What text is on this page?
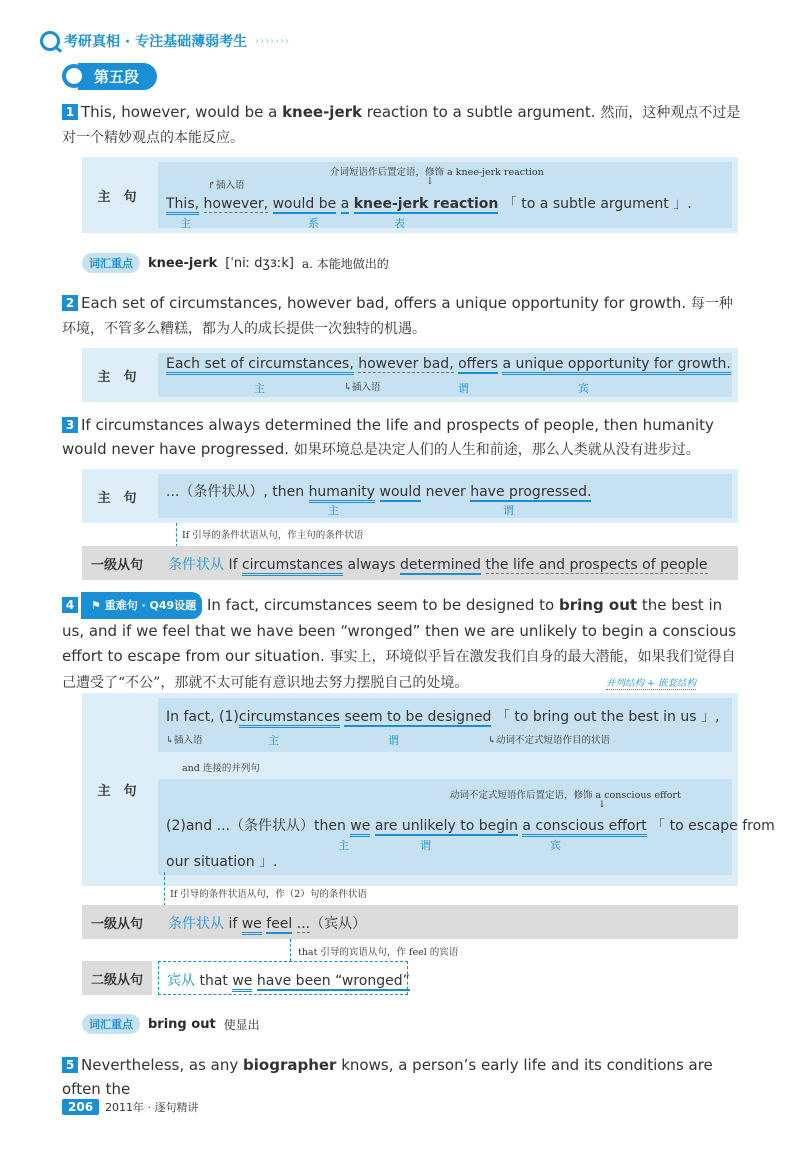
考研真相 · 专注基础薄弱考生 ›››››››
第五段
1 This, however, would be a knee-jerk reaction to a subtle argument. 然而，这种观点不过是对一个精妙观点的本能反应。
主　句
↱插入语
介词短语作后置定语，修饰 a knee-jerk reaction
↓
This, however, would be a knee-jerk reaction 「 to a subtle argument 」.
主	系	表
词汇重点	knee-jerk [ˈniː dʒɜːk] a. 本能地做出的
2 Each set of circumstances, however bad, offers a unique opportunity for growth. 每一种环境，不管多么糟糕，都为人的成长提供一次独特的机遇。
主　句
Each set of circumstances, however bad, offers a unique opportunity for growth.
主	↳插入语	谓	宾
3 If circumstances always determined the life and prospects of people, then humanity would never have progressed. 如果环境总是决定人们的人生和前途，那么人类就从没有进步过。
主　句	...（条件状从）, then humanity would never have progressed.
主	谓
If 引导的条件状语从句，作主句的条件状语
一级从句	条件状从 If circumstances always determined the life and prospects of people
4 ⚑ 重难句 · Q49设题 In fact, circumstances seem to be designed to bring out the best in us, and if we feel that we have been “wronged” then we are unlikely to begin a conscious effort to escape from our situation. 事实上，环境似乎旨在激发我们自身的最大潜能，如果我们觉得自己遭受了“不公”，那就不太可能有意识地去努力摆脱自己的处境。	并列结构 + 嵌套结构
主　句
In fact, (1)circumstances seem to be designed 「 to bring out the best in us 」,
↳插入语	主	谓	↳动词不定式短语作目的状语
and 连接的并列句
动词不定式短语作后置定语，修饰 a conscious effort
↓
(2)and ...（条件状从）then we are unlikely to begin a conscious effort 「 to escape from
主	谓	宾
our situation 」.
If 引导的条件状语从句，作（2）句的条件状语
一级从句	条件状从 if we feel ...（宾从）
that 引导的宾语从句，作 feel 的宾语
二级从句	宾从 that we have been “wronged”
词汇重点	bring out 使显出
5 Nevertheless, as any biographer knows, a person’s early life and its conditions are often the
206	2011年 · 逐句精讲
